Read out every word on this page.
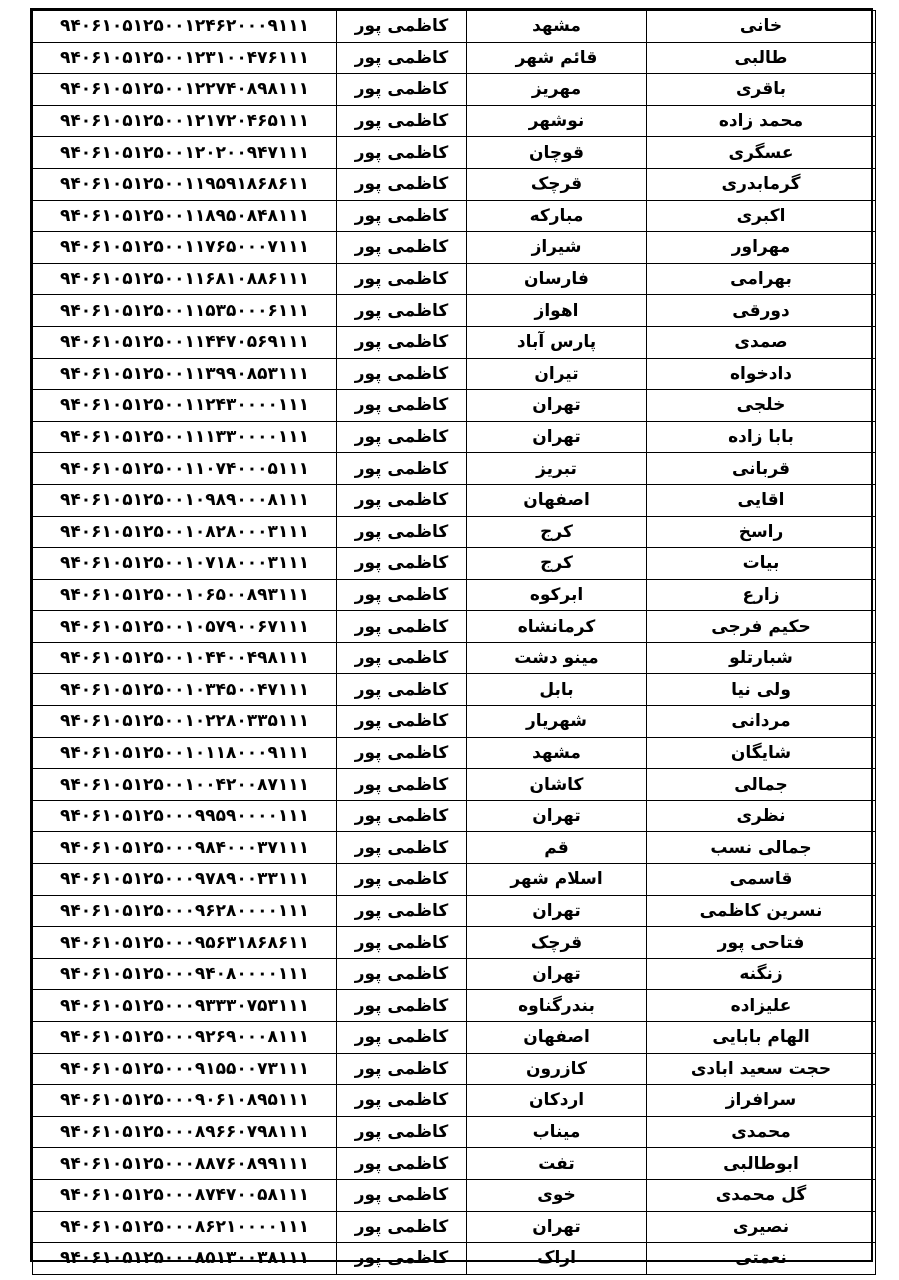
۹۴۰۶۱۰۵۱۲۵۰۰۱۲۴۶۲۰۰۰۹۱۱۱	کاظمی پور	مشهد	خانی
۹۴۰۶۱۰۵۱۲۵۰۰۱۲۳۱۰۰۴۷۶۱۱۱	کاظمی پور	قائم شهر	طالبی
۹۴۰۶۱۰۵۱۲۵۰۰۱۲۲۷۴۰۸۹۸۱۱۱	کاظمی پور	مهریز	باقری
۹۴۰۶۱۰۵۱۲۵۰۰۱۲۱۷۲۰۴۶۵۱۱۱	کاظمی پور	نوشهر	محمد زاده
۹۴۰۶۱۰۵۱۲۵۰۰۱۲۰۲۰۰۹۴۷۱۱۱	کاظمی پور	قوچان	عسگری
۹۴۰۶۱۰۵۱۲۵۰۰۱۱۹۵۹۱۸۶۸۶۱۱	کاظمی پور	قرچک	گرمابدری
۹۴۰۶۱۰۵۱۲۵۰۰۱۱۸۹۵۰۸۴۸۱۱۱	کاظمی پور	مبارکه	اکبری
۹۴۰۶۱۰۵۱۲۵۰۰۱۱۷۶۵۰۰۰۷۱۱۱	کاظمی پور	شیراز	مهراور
۹۴۰۶۱۰۵۱۲۵۰۰۱۱۶۸۱۰۸۸۶۱۱۱	کاظمی پور	فارسان	بهرامی
۹۴۰۶۱۰۵۱۲۵۰۰۱۱۵۳۵۰۰۰۶۱۱۱	کاظمی پور	اهواز	دورقی
۹۴۰۶۱۰۵۱۲۵۰۰۱۱۴۴۷۰۵۶۹۱۱۱	کاظمی پور	پارس آباد	صمدی
۹۴۰۶۱۰۵۱۲۵۰۰۱۱۳۹۹۰۸۵۳۱۱۱	کاظمی پور	تیران	دادخواه
۹۴۰۶۱۰۵۱۲۵۰۰۱۱۲۴۳۰۰۰۰۱۱۱	کاظمی پور	تهران	خلجی
۹۴۰۶۱۰۵۱۲۵۰۰۱۱۱۳۳۰۰۰۰۱۱۱	کاظمی پور	تهران	بابا زاده
۹۴۰۶۱۰۵۱۲۵۰۰۱۱۰۷۴۰۰۰۵۱۱۱	کاظمی پور	تبریز	قربانی
۹۴۰۶۱۰۵۱۲۵۰۰۱۰۹۸۹۰۰۰۸۱۱۱	کاظمی پور	اصفهان	اقایی
۹۴۰۶۱۰۵۱۲۵۰۰۱۰۸۲۸۰۰۰۳۱۱۱	کاظمی پور	کرج	راسخ
۹۴۰۶۱۰۵۱۲۵۰۰۱۰۷۱۸۰۰۰۳۱۱۱	کاظمی پور	کرج	بیات
۹۴۰۶۱۰۵۱۲۵۰۰۱۰۶۵۰۰۸۹۳۱۱۱	کاظمی پور	ابرکوه	زارع
۹۴۰۶۱۰۵۱۲۵۰۰۱۰۵۷۹۰۰۶۷۱۱۱	کاظمی پور	کرمانشاه	حکیم فرجی
۹۴۰۶۱۰۵۱۲۵۰۰۱۰۴۴۰۰۴۹۸۱۱۱	کاظمی پور	مینو دشت	شبارتلو
۹۴۰۶۱۰۵۱۲۵۰۰۱۰۳۴۵۰۰۴۷۱۱۱	کاظمی پور	بابل	ولی نیا
۹۴۰۶۱۰۵۱۲۵۰۰۱۰۲۲۸۰۳۳۵۱۱۱	کاظمی پور	شهریار	مردانی
۹۴۰۶۱۰۵۱۲۵۰۰۱۰۱۱۸۰۰۰۹۱۱۱	کاظمی پور	مشهد	شایگان
۹۴۰۶۱۰۵۱۲۵۰۰۱۰۰۴۲۰۰۸۷۱۱۱	کاظمی پور	کاشان	جمالی
۹۴۰۶۱۰۵۱۲۵۰۰۰۹۹۵۹۰۰۰۰۱۱۱	کاظمی پور	تهران	نظری
۹۴۰۶۱۰۵۱۲۵۰۰۰۹۸۴۰۰۰۳۷۱۱۱	کاظمی پور	قم	جمالی نسب
۹۴۰۶۱۰۵۱۲۵۰۰۰۹۷۸۹۰۰۳۳۱۱۱	کاظمی پور	اسلام شهر	قاسمی
۹۴۰۶۱۰۵۱۲۵۰۰۰۹۶۲۸۰۰۰۰۱۱۱	کاظمی پور	تهران	نسرین کاظمی
۹۴۰۶۱۰۵۱۲۵۰۰۰۹۵۶۳۱۸۶۸۶۱۱	کاظمی پور	قرچک	فتاحی پور
۹۴۰۶۱۰۵۱۲۵۰۰۰۹۴۰۸۰۰۰۰۱۱۱	کاظمی پور	تهران	زنگنه
۹۴۰۶۱۰۵۱۲۵۰۰۰۹۳۳۳۰۷۵۳۱۱۱	کاظمی پور	بندرگناوه	علیزاده
۹۴۰۶۱۰۵۱۲۵۰۰۰۹۲۶۹۰۰۰۸۱۱۱	کاظمی پور	اصفهان	الهام بابایی
۹۴۰۶۱۰۵۱۲۵۰۰۰۹۱۵۵۰۰۷۳۱۱۱	کاظمی پور	کازرون	حجت سعید ابادی
۹۴۰۶۱۰۵۱۲۵۰۰۰۹۰۶۱۰۸۹۵۱۱۱	کاظمی پور	اردکان	سرافراز
۹۴۰۶۱۰۵۱۲۵۰۰۰۸۹۶۶۰۷۹۸۱۱۱	کاظمی پور	میناب	محمدی
۹۴۰۶۱۰۵۱۲۵۰۰۰۸۸۷۶۰۸۹۹۱۱۱	کاظمی پور	تفت	ابوطالبی
۹۴۰۶۱۰۵۱۲۵۰۰۰۸۷۴۷۰۰۵۸۱۱۱	کاظمی پور	خوی	گل محمدی
۹۴۰۶۱۰۵۱۲۵۰۰۰۸۶۲۱۰۰۰۰۱۱۱	کاظمی پور	تهران	نصیری
۹۴۰۶۱۰۵۱۲۵۰۰۰۸۵۱۳۰۰۳۸۱۱۱	کاظمی پور	اراک	نعمتی
